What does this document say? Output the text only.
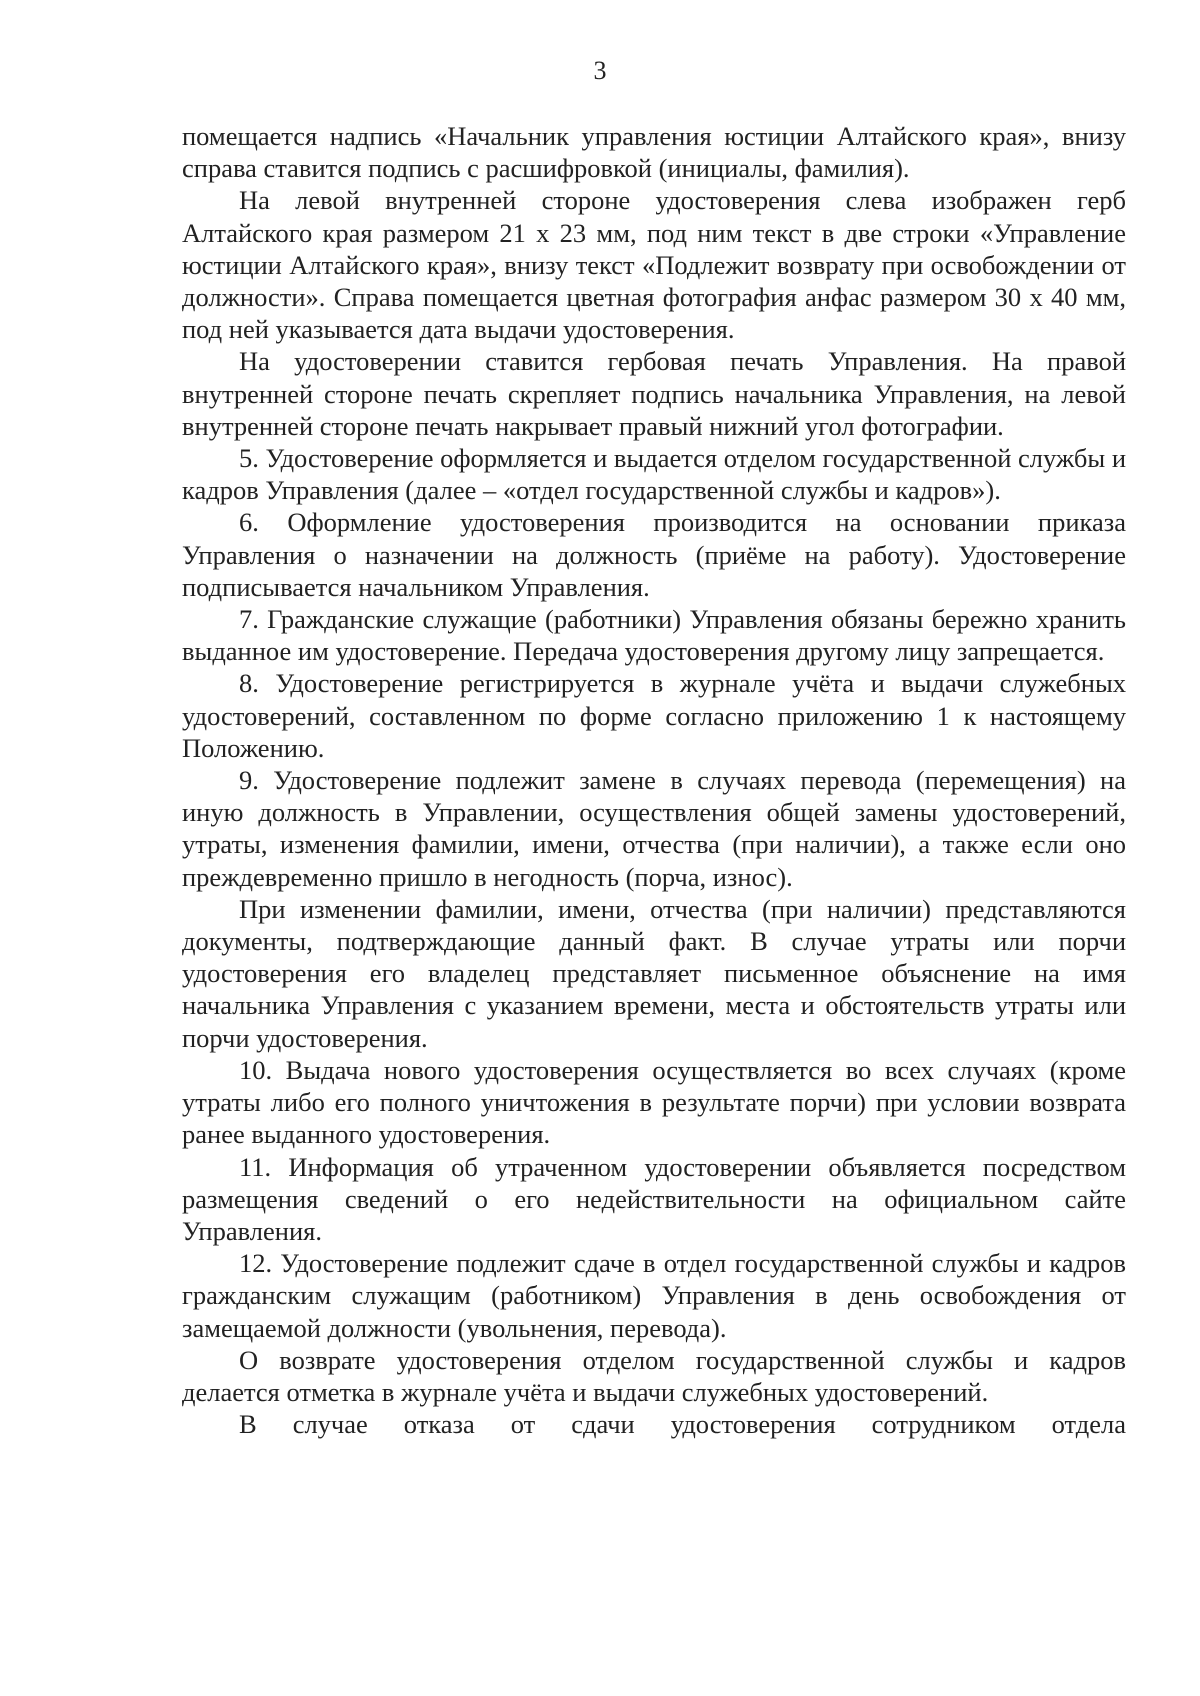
3

помещается надпись «Начальник управления юстиции Алтайского края», внизу справа ставится подпись с расшифровкой (инициалы, фамилия).

На левой внутренней стороне удостоверения слева изображен герб Алтайского края размером 21 х 23 мм, под ним текст в две строки «Управление юстиции Алтайского края», внизу текст «Подлежит возврату при освобождении от должности». Справа помещается цветная фотография анфас размером 30 х 40 мм, под ней указывается дата выдачи удостоверения.

На удостоверении ставится гербовая печать Управления. На правой внутренней стороне печать скрепляет подпись начальника Управления, на левой внутренней стороне печать накрывает правый нижний угол фотографии.

5. Удостоверение оформляется и выдается отделом государственной службы и кадров Управления (далее – «отдел государственной службы и кадров»).

6. Оформление удостоверения производится на основании приказа Управления о назначении на должность (приёме на работу). Удостоверение подписывается начальником Управления.

7. Гражданские служащие (работники) Управления обязаны бережно хранить выданное им удостоверение. Передача удостоверения другому лицу запрещается.

8. Удостоверение регистрируется в журнале учёта и выдачи служебных удостоверений, составленном по форме согласно приложению 1 к настоящему Положению.

9. Удостоверение подлежит замене в случаях перевода (перемещения) на иную должность в Управлении, осуществления общей замены удостоверений, утраты, изменения фамилии, имени, отчества (при наличии), а также если оно преждевременно пришло в негодность (порча, износ).

При изменении фамилии, имени, отчества (при наличии) представляются документы, подтверждающие данный факт. В случае утраты или порчи удостоверения его владелец представляет письменное объяснение на имя начальника Управления с указанием времени, места и обстоятельств утраты или порчи удостоверения.

10. Выдача нового удостоверения осуществляется во всех случаях (кроме утраты либо его полного уничтожения в результате порчи) при условии возврата ранее выданного удостоверения.

11. Информация об утраченном удостоверении объявляется посредством размещения сведений о его недействительности на официальном сайте Управления.

12. Удостоверение подлежит сдаче в отдел государственной службы и кадров гражданским служащим (работником) Управления в день освобождения от замещаемой должности (увольнения, перевода).

О возврате удостоверения отделом государственной службы и кадров делается отметка в журнале учёта и выдачи служебных удостоверений.

В случае отказа от сдачи удостоверения сотрудником отдела
